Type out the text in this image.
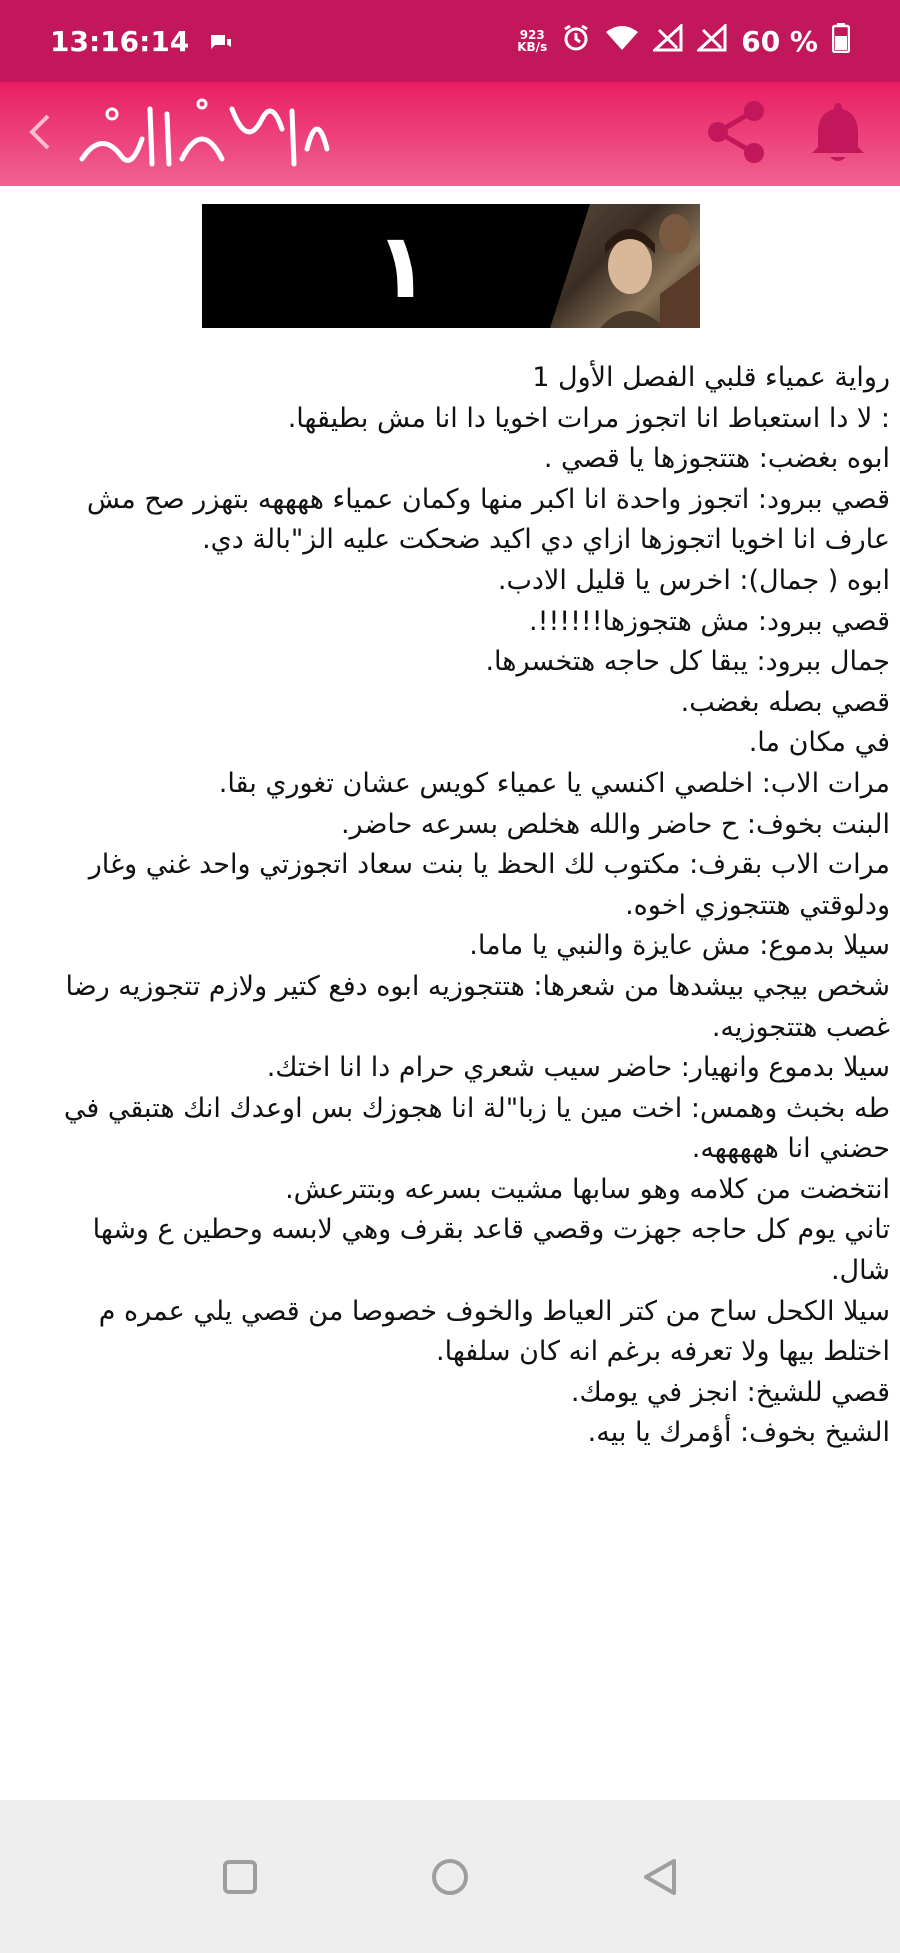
13:16:14	923
KB/s	60 %
١

رواية عمياء قلبي الفصل الأول 1

: لا دا استعباط انا اتجوز مرات اخويا دا انا مش بطيقها.

ابوه بغضب: هتتجوزها يا قصي .

قصي ببرود: اتجوز واحدة انا اكبر منها وكمان عمياء ههههه بتهزر صح مش عارف انا اخويا اتجوزها ازاي دي اكيد ضحكت عليه الز"بالة دي.

ابوه ( جمال): اخرس يا قليل الادب.

قصي ببرود: مش هتجوزها!!!!!!.

جمال ببرود: يبقا كل حاجه هتخسرها.

قصي بصله بغضب.

في مكان ما.

مرات الاب: اخلصي اكنسي يا عمياء كويس عشان تغوري بقا.

البنت بخوف: ح حاضر والله هخلص بسرعه حاضر.

مرات الاب بقرف: مكتوب لك الحظ يا بنت سعاد اتجوزتي واحد غني وغار ودلوقتي هتتجوزي اخوه.

سيلا بدموع: مش عايزة والنبي يا ماما.

شخص بيجي بيشدها من شعرها: هتتجوزيه ابوه دفع كتير ولازم تتجوزيه رضا غصب هتتجوزيه.

سيلا بدموع وانهيار: حاضر سيب شعري حرام دا انا اختك.

طه بخبث وهمس: اخت مين يا زبا"لة انا هجوزك بس اوعدك انك هتبقي في حضني انا هههههه.

انتخضت من كلامه وهو سابها مشيت بسرعه وبتترعش.

تاني يوم كل حاجه جهزت وقصي قاعد بقرف وهي لابسه وحطين ع وشها شال.

سيلا الكحل ساح من كتر العياط والخوف خصوصا من قصي يلي عمره م اختلط بيها ولا تعرفه برغم انه كان سلفها.

قصي للشيخ: انجز في يومك.

الشيخ بخوف: أؤمرك يا بيه.
